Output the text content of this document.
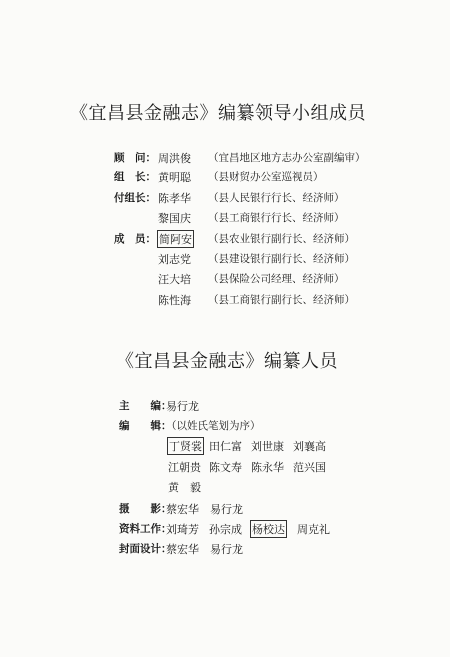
《宜昌县金融志》编纂领导小组成员
顾　问： 周洪俊 （宜昌地区地方志办公室副编审）
组　长： 黄明聪 （县财贸办公室巡视员）
付组长： 陈孝华 （县人民银行行长、经济师）
黎国庆 （县工商银行行长、经济师）
成　员： 简阿安 （县农业银行副行长、经济师）
刘志党 （县建设银行副行长、经济师）
汪大培 （县保险公司经理、经济师）
陈性海 （县工商银行副行长、经济师）
《宜昌县金融志》编纂人员
主　　编：
易行龙
编　　辑：
（以姓氏笔划为序）
丁贤裳 田仁富 刘世康 刘襄高
江朝贵 陈文寿 陈永华 范兴国
黄　毅
摄　　影：
蔡宏华 易行龙
资料工作：
刘琦芳 孙宗成 杨校达 周克礼
封面设计：
蔡宏华 易行龙
